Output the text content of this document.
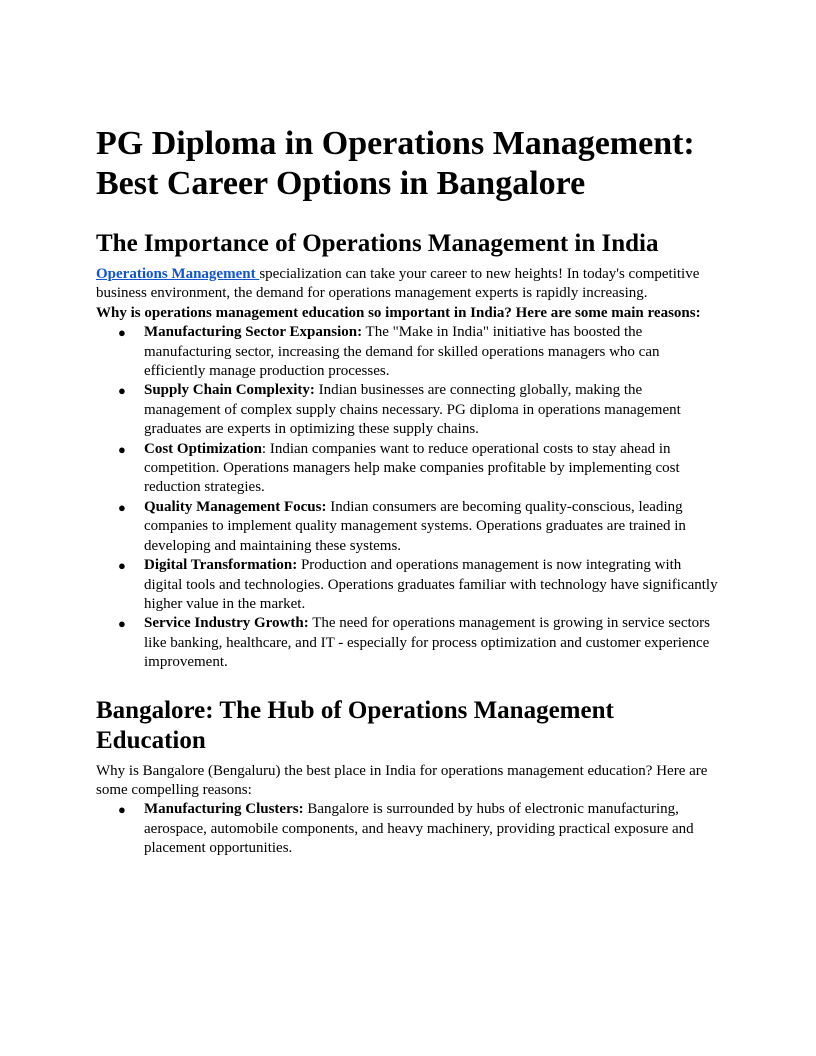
PG Diploma in Operations Management: Best Career Options in Bangalore
The Importance of Operations Management in India

Operations Management specialization can take your career to new heights! In today's competitive business environment, the demand for operations management experts is rapidly increasing.

Why is operations management education so important in India? Here are some main reasons:

● Manufacturing Sector Expansion: The "Make in India" initiative has boosted the manufacturing sector, increasing the demand for skilled operations managers who can efficiently manage production processes.
● Supply Chain Complexity: Indian businesses are connecting globally, making the management of complex supply chains necessary. PG diploma in operations management graduates are experts in optimizing these supply chains.
● Cost Optimization: Indian companies want to reduce operational costs to stay ahead in competition. Operations managers help make companies profitable by implementing cost reduction strategies.
● Quality Management Focus: Indian consumers are becoming quality-conscious, leading companies to implement quality management systems. Operations graduates are trained in developing and maintaining these systems.
● Digital Transformation: Production and operations management is now integrating with digital tools and technologies. Operations graduates familiar with technology have significantly higher value in the market.
● Service Industry Growth: The need for operations management is growing in service sectors like banking, healthcare, and IT - especially for process optimization and customer experience improvement.
Bangalore: The Hub of Operations Management Education

Why is Bangalore (Bengaluru) the best place in India for operations management education? Here are some compelling reasons:

● Manufacturing Clusters: Bangalore is surrounded by hubs of electronic manufacturing, aerospace, automobile components, and heavy machinery, providing practical exposure and placement opportunities.
